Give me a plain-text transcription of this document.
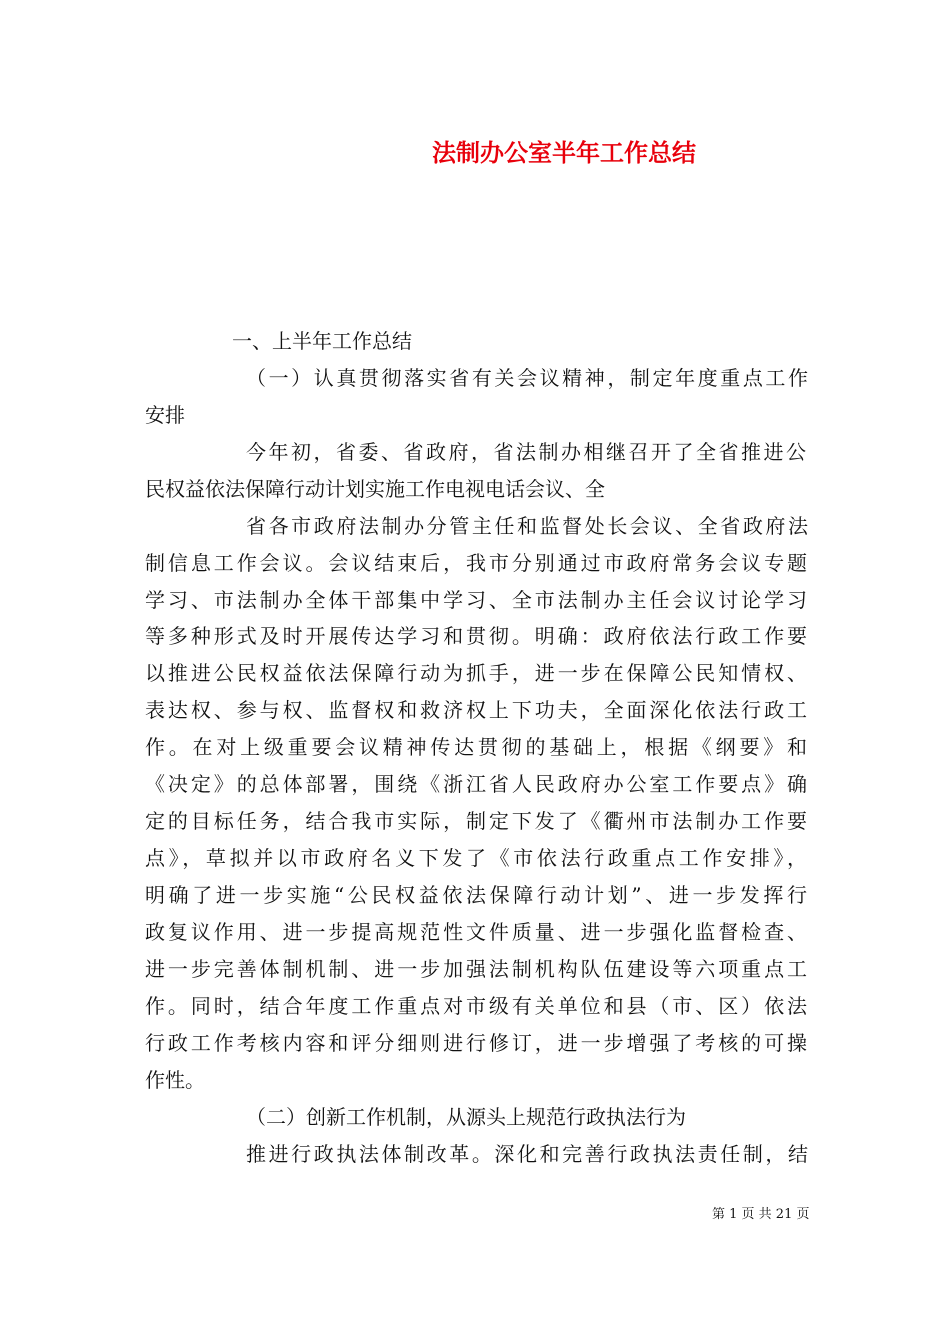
法制办公室半年工作总结
一、上半年工作总结
（一）认真贯彻落实省有关会议精神，制定年度重点工作
安排
今年初，省委、省政府，省法制办相继召开了全省推进公
民权益依法保障行动计划实施工作电视电话会议、全
省各市政府法制办分管主任和监督处长会议、全省政府法
制信息工作会议。会议结束后，我市分别通过市政府常务会议专题
学习、市法制办全体干部集中学习、全市法制办主任会议讨论学习
等多种形式及时开展传达学习和贯彻。明确：政府依法行政工作要
以推进公民权益依法保障行动为抓手，进一步在保障公民知情权、
表达权、参与权、监督权和救济权上下功夫，全面深化依法行政工
作。在对上级重要会议精神传达贯彻的基础上，根据《纲要》和
《决定》的总体部署，围绕《浙江省人民政府办公室工作要点》确
定的目标任务，结合我市实际，制定下发了《衢州市法制办工作要
点》，草拟并以市政府名义下发了《市依法行政重点工作安排》，
明确了进一步实施“公民权益依法保障行动计划”、进一步发挥行
政复议作用、进一步提高规范性文件质量、进一步强化监督检查、
进一步完善体制机制、进一步加强法制机构队伍建设等六项重点工
作。同时，结合年度工作重点对市级有关单位和县（市、区）依法
行政工作考核内容和评分细则进行修订，进一步增强了考核的可操
作性。
（二）创新工作机制，从源头上规范行政执法行为
推进行政执法体制改革。深化和完善行政执法责任制，结
第 1 页 共 21 页
